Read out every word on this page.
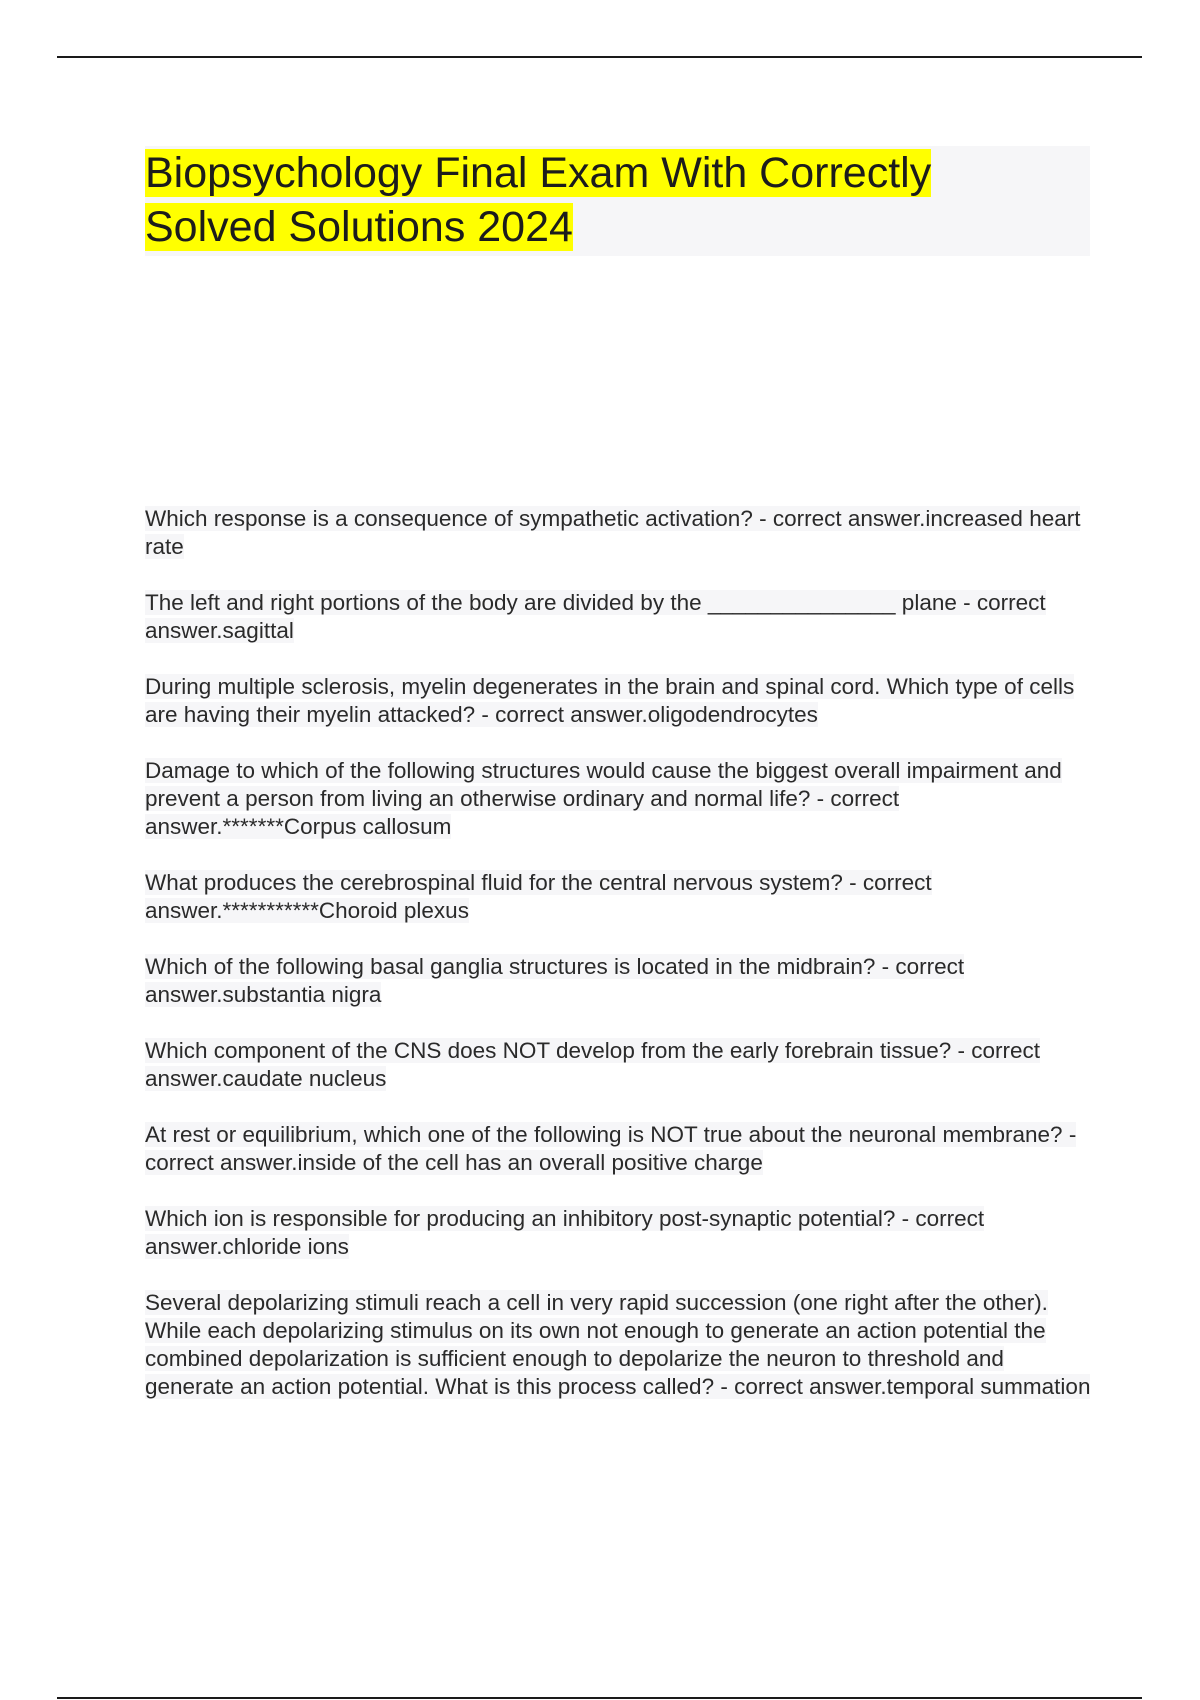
Biopsychology Final Exam With Correctly
Solved Solutions 2024

Which response is a consequence of sympathetic activation? - correct answer.increased heart rate

The left and right portions of the body are divided by the _______________ plane - correct answer.sagittal

During multiple sclerosis, myelin degenerates in the brain and spinal cord. Which type of cells are having their myelin attacked? - correct answer.oligodendrocytes

Damage to which of the following structures would cause the biggest overall impairment and prevent a person from living an otherwise ordinary and normal life? - correct answer.*******Corpus callosum

What produces the cerebrospinal fluid for the central nervous system? - correct answer.***********Choroid plexus

Which of the following basal ganglia structures is located in the midbrain? - correct answer.substantia nigra

Which component of the CNS does NOT develop from the early forebrain tissue? - correct answer.caudate nucleus

At rest or equilibrium, which one of the following is NOT true about the neuronal membrane? - correct answer.inside of the cell has an overall positive charge

Which ion is responsible for producing an inhibitory post-synaptic potential? - correct answer.chloride ions

Several depolarizing stimuli reach a cell in very rapid succession (one right after the other). While each depolarizing stimulus on its own not enough to generate an action potential the combined depolarization is sufficient enough to depolarize the neuron to threshold and generate an action potential. What is this process called? - correct answer.temporal summation
